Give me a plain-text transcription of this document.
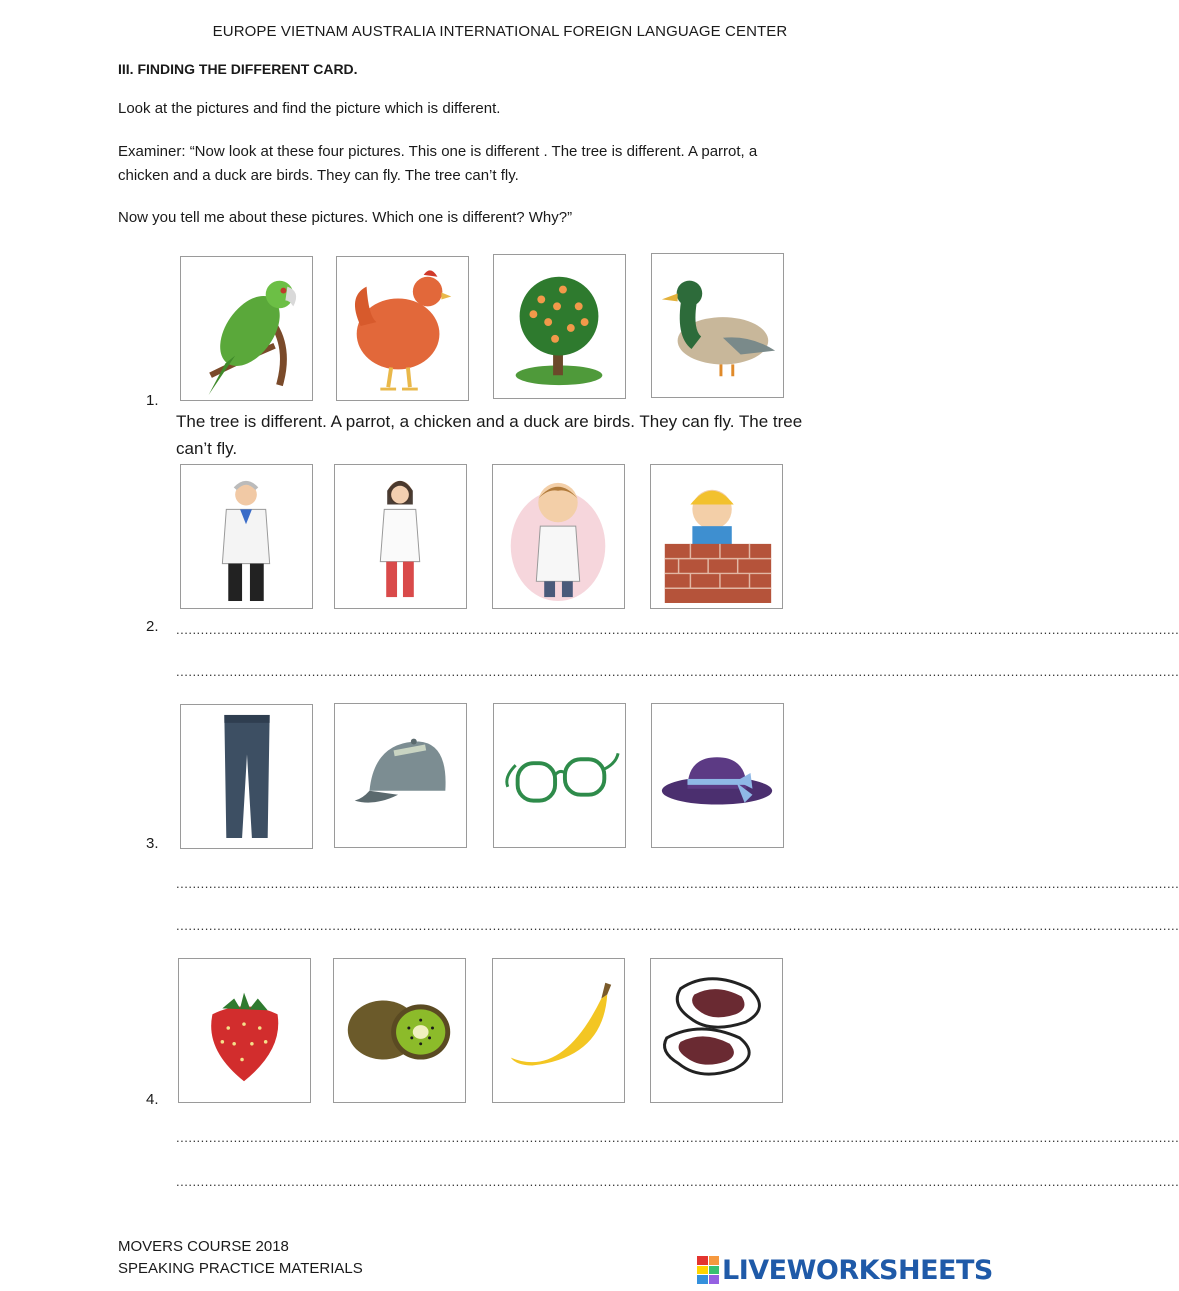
EUROPE VIETNAM AUSTRALIA INTERNATIONAL FOREIGN LANGUAGE CENTER
III. FINDING THE DIFFERENT CARD.
Look at the pictures and find the picture which is different.
Examiner: “Now look at these four pictures. This one is different . The tree is different. A parrot, a
chicken and a duck are birds. They can fly. The tree can’t fly.
Now you tell me about these pictures. Which one is different? Why?”
1.
The tree is different. A parrot, a chicken and a duck are birds. They can fly. The tree
can’t fly.
2. ....................................................................................................................................................................................................................................................
....................................................................................................................................................................................................................................................
3.
....................................................................................................................................................................................................................................................
....................................................................................................................................................................................................................................................
4.
....................................................................................................................................................................................................................................................
....................................................................................................................................................................................................................................................
MOVERS COURSE 2018
SPEAKING PRACTICE MATERIALS	LIVEWORKSHEETS
